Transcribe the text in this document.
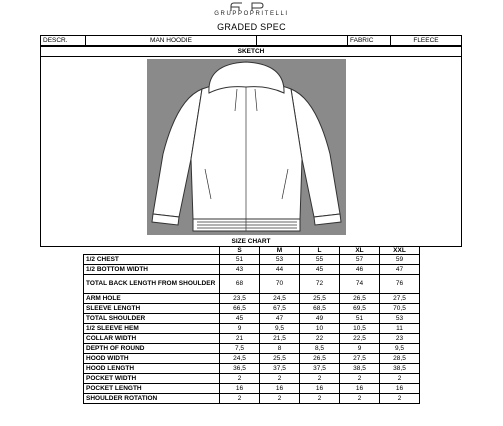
GRUPPOPRITELLI
GRADED SPEC
DESCR.	MAN HOODIE		FABRIC	FLEECE
SKETCH
SIZE CHART
	S	M	L	XL	XXL
1/2 CHEST	51	53	55	57	59
1/2 BOTTOM WIDTH	43	44	45	46	47
TOTAL BACK LENGTH FROM SHOULDER	68	70	72	74	76
ARM HOLE	23,5	24,5	25,5	26,5	27,5
SLEEVE LENGTH	66,5	67,5	68,5	69,5	70,5
TOTAL SHOULDER	45	47	49	51	53
1/2 SLEEVE HEM	9	9,5	10	10,5	11
COLLAR WIDTH	21	21,5	22	22,5	23
DEPTH OF ROUND	7,5	8	8,5	9	9,5
HOOD WIDTH	24,5	25,5	26,5	27,5	28,5
HOOD LENGTH	36,5	37,5	37,5	38,5	38,5
POCKET WIDTH	2	2	2	2	2
POCKET LENGTH	16	16	16	16	16
SHOULDER ROTATION	2	2	2	2	2
